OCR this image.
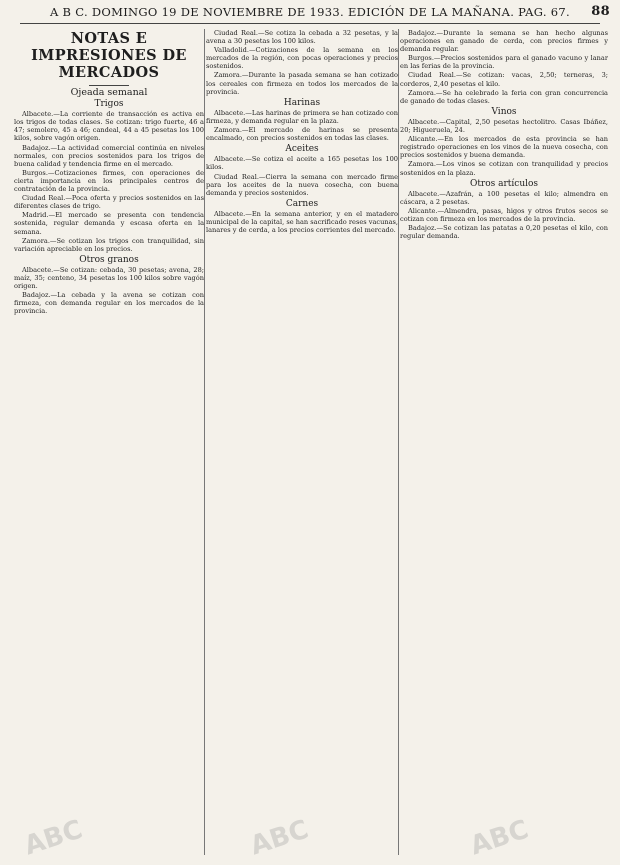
A B C. DOMINGO 19 DE NOVIEMBRE DE 1933. EDICIÓN DE LA MAÑANA. PAG. 67. 88
NOTAS E IMPRESIONES DE MERCADOS
Ojeada semanal
Trigos

Albacete.—La corriente de transacción es activa en los trigos de todas clases. Se cotizan: trigo fuerte, 46 a 47; semolero, 45 a 46; candeal, 44 a 45 pesetas los 100 kilos, sobre vagón origen.

Badajoz.—La actividad comercial continúa en niveles normales, con precios sostenidos para los trigos de buena calidad y tendencia firme en el mercado.

Burgos.—Cotizaciones firmes, con operaciones de cierta importancia en los principales centros de contratación de la provincia.

Ciudad Real.—Poca oferta y precios sostenidos en las diferentes clases de trigo.

Madrid.—El mercado se presenta con tendencia sostenida, regular demanda y escasa oferta en la semana.

Zamora.—Se cotizan los trigos con tranquilidad, sin variación apreciable en los precios.

Otros granos

Albacete.—Se cotizan: cebada, 30 pesetas; avena, 28; maíz, 35; centeno, 34 pesetas los 100 kilos sobre vagón origen.

Badajoz.—La cebada y la avena se cotizan con firmeza, con demanda regular en los mercados de la provincia.

Ciudad Real.—Se cotiza la cebada a 32 pesetas, y la avena a 30 pesetas los 100 kilos.

Valladolid.—Cotizaciones de la semana en los mercados de la región, con pocas operaciones y precios sostenidos.

Zamora.—Durante la pasada semana se han cotizado los cereales con firmeza en todos los mercados de la provincia.

Harinas

Albacete.—Las harinas de primera se han cotizado con firmeza, y demanda regular en la plaza.

Zamora.—El mercado de harinas se presenta encalmado, con precios sostenidos en todas las clases.

Aceites

Albacete.—Se cotiza el aceite a 165 pesetas los 100 kilos.

Ciudad Real.—Cierra la semana con mercado firme para los aceites de la nueva cosecha, con buena demanda y precios sostenidos.

Carnes

Albacete.—En la semana anterior, y en el matadero municipal de la capital, se han sacrificado reses vacunas, lanares y de cerda, a los precios corrientes del mercado.

Badajoz.—Durante la semana se han hecho algunas operaciones en ganado de cerda, con precios firmes y demanda regular.

Burgos.—Precios sostenidos para el ganado vacuno y lanar en las ferias de la provincia.

Ciudad Real.—Se cotizan: vacas, 2,50; terneras, 3; corderos, 2,40 pesetas el kilo.

Zamora.—Se ha celebrado la feria con gran concurrencia de ganado de todas clases.

Vinos

Albacete.—Capital, 2,50 pesetas hectolitro. Casas Ibáñez, 20; Higueruela, 24.

Alicante.—En los mercados de esta provincia se han registrado operaciones en los vinos de la nueva cosecha, con precios sostenidos y buena demanda.

Zamora.—Los vinos se cotizan con tranquilidad y precios sostenidos en la plaza.

Otros artículos

Albacete.—Azafrán, a 100 pesetas el kilo; almendra en cáscara, a 2 pesetas.

Alicante.—Almendra, pasas, higos y otros frutos secos se cotizan con firmeza en los mercados de la provincia.

Badajoz.—Se cotizan las patatas a 0,20 pesetas el kilo, con regular demanda.

ABC	ABC	ABC
